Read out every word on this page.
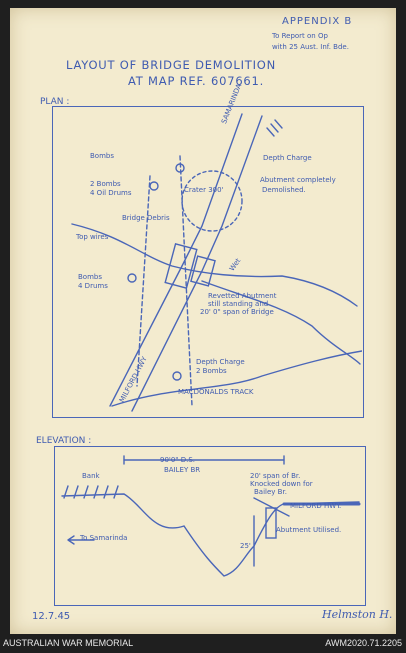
APPENDIX B
To Report on Op
with 25 Aust. Inf. Bde.
LAYOUT OF BRIDGE DEMOLITION
AT MAP REF. 607661.
PLAN :	SAMARINDA
Depth Charge
Bombs
2 Bombs
4 Oil Drums	Crater 300'
Abutment completely
Demolished.
Bridge Debris
Top wires
Bombs
4 Drums
Wet
Revetted Abutment
still standing and
20' 0" span of Bridge
MILFORD HWY	Depth Charge
2 Bombs
MACDONALDS TRACK
ELEVATION :
90'0" D.S.
BAILEY BR
Bank	20' span of Br.
Knocked down for
Bailey Br.
MILFORD HWY.
To Samarinda
Abutment Utilised.
25'
12.7.45	Helmston H.
AUSTRALIAN WAR MEMORIAL	AWM2020.71.2205
